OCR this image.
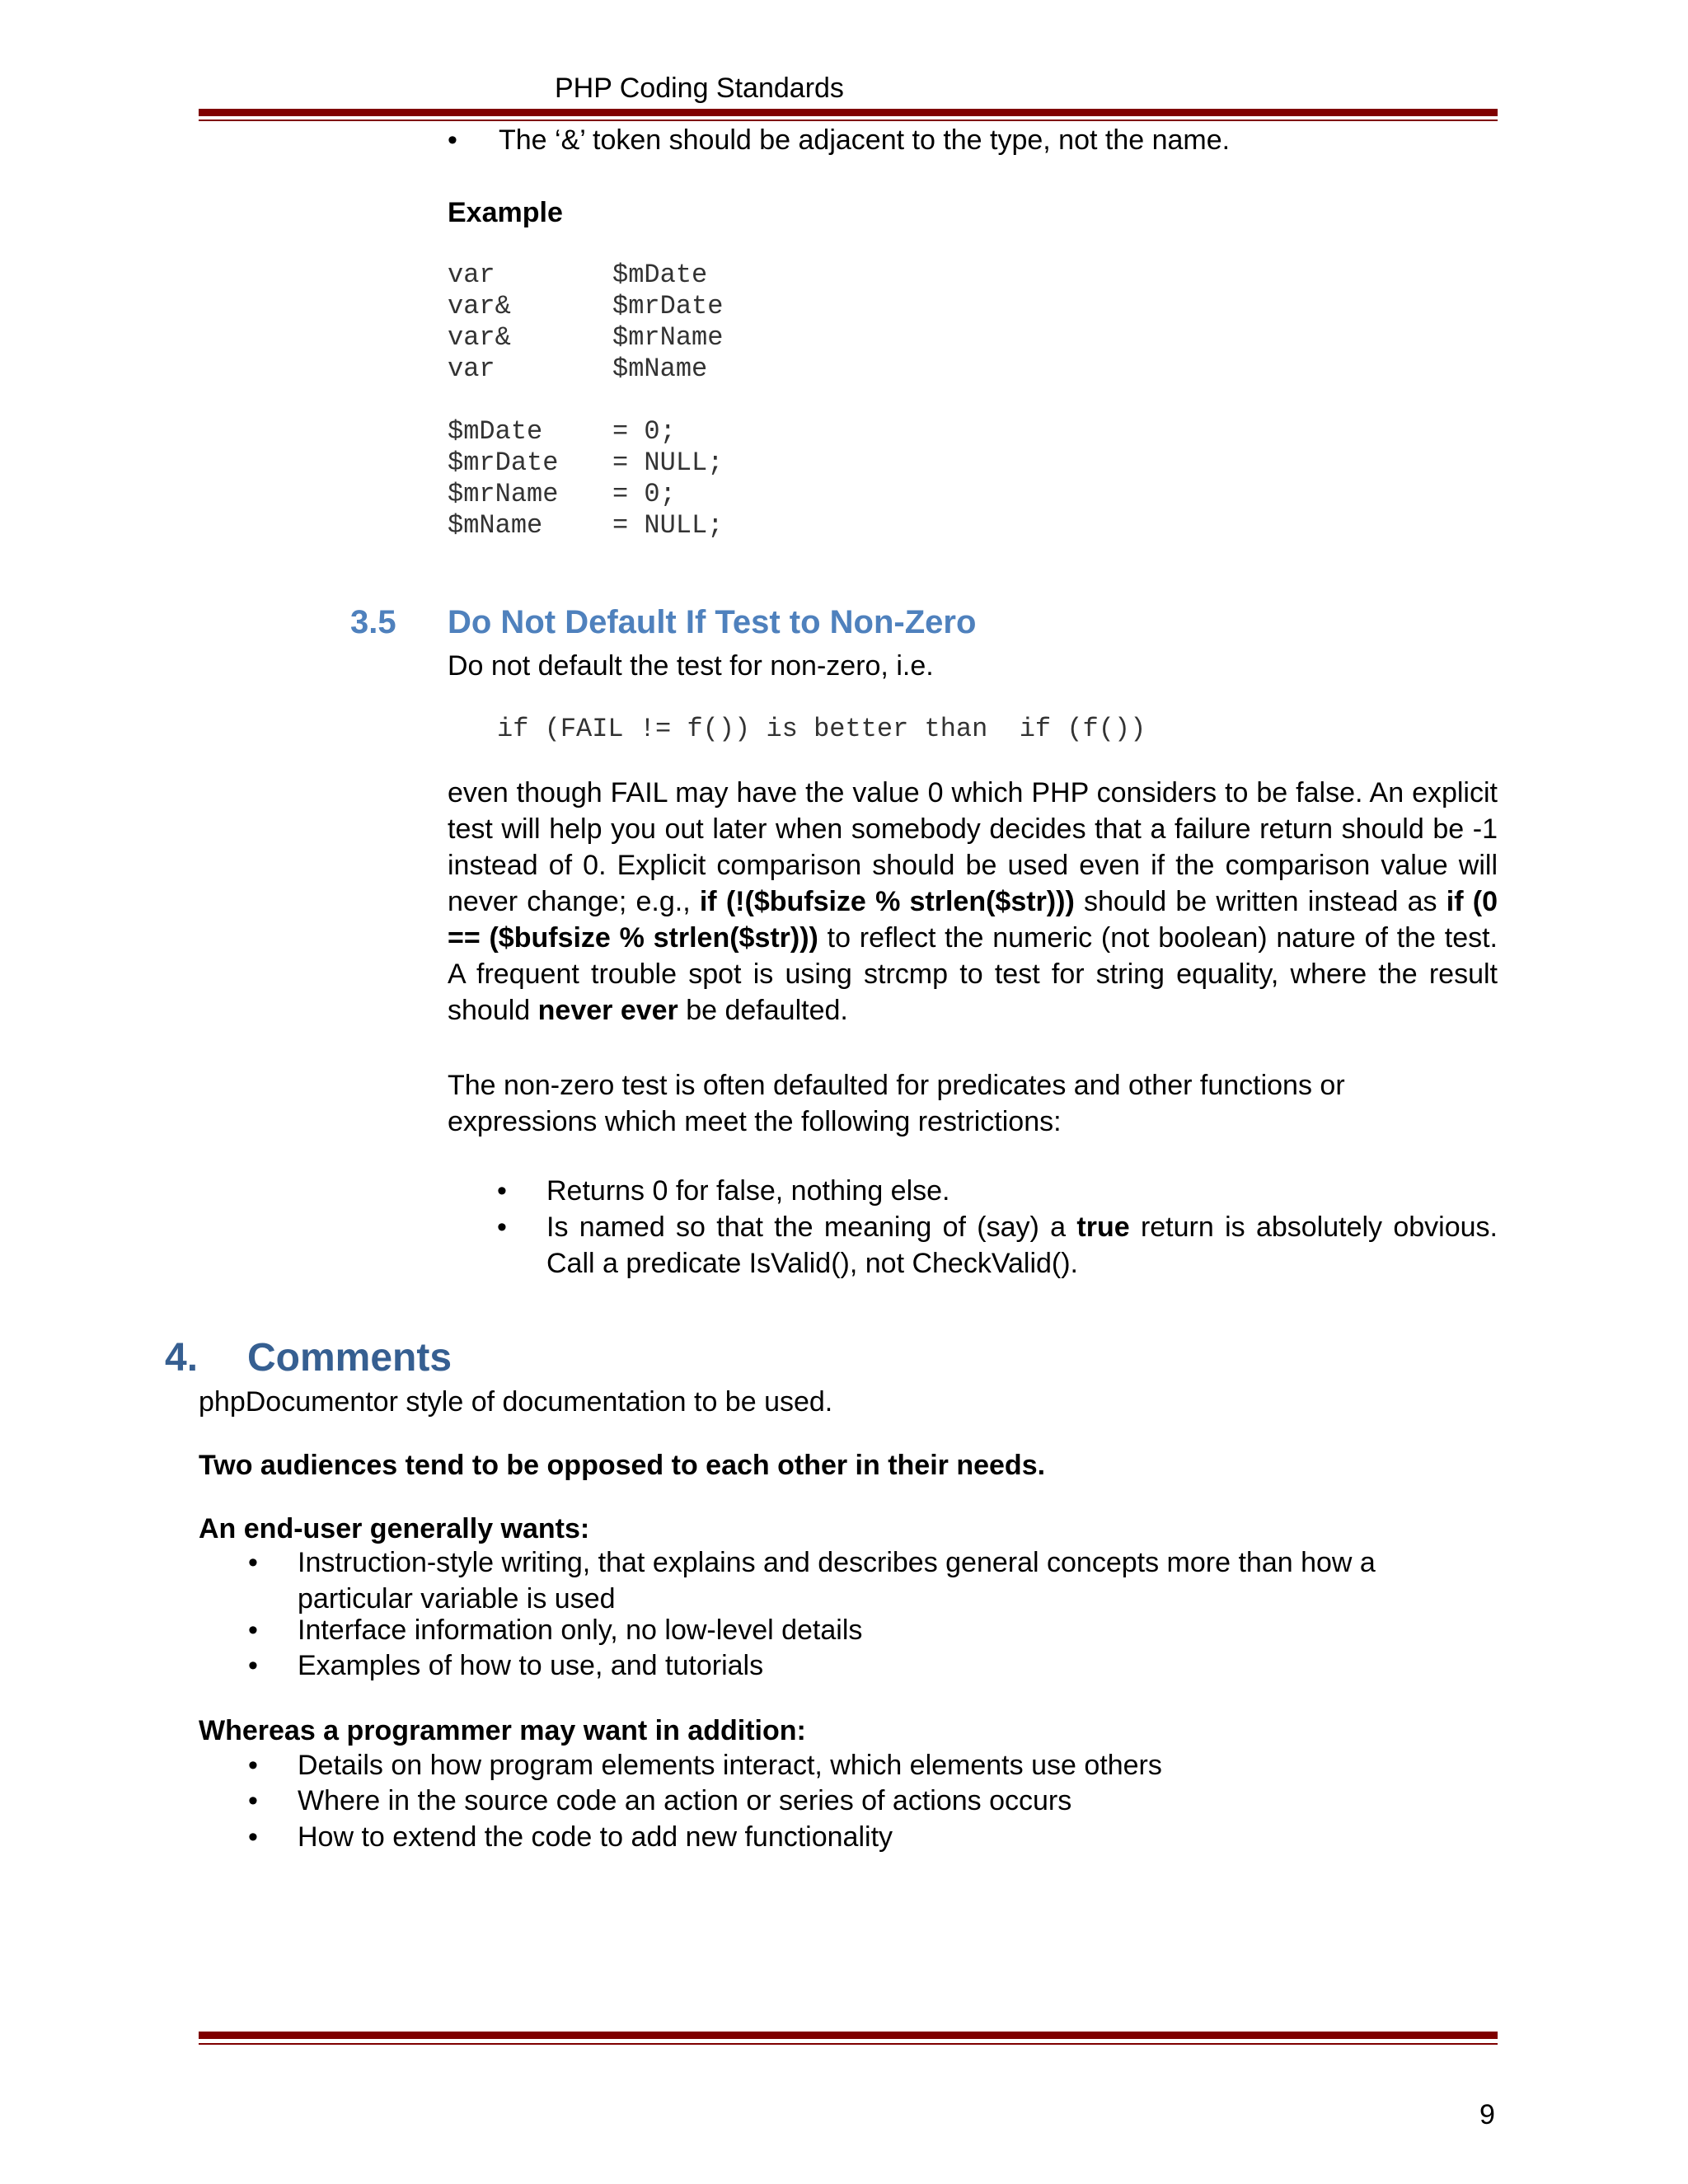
PHP Coding Standards
• The ‘&’ token should be adjacent to the type, not the name.
Example
var	$mDate
var&	$mrDate
var&	$mrName
var	$mName
$mDate	= 0;
$mrDate = NULL;
$mrName = 0;
$mName	= NULL;
3.5 Do Not Default If Test to Non-Zero
Do not default the test for non-zero, i.e.
if (FAIL != f()) is better than  if (f())
even though FAIL may have the value 0 which PHP considers to be false. An explicit test will help you out later when somebody decides that a failure return should be -1 instead of 0. Explicit comparison should be used even if the comparison value will never change; e.g., if (!($bufsize % strlen($str))) should be written instead as if (0 == ($bufsize % strlen($str))) to reflect the numeric (not boolean) nature of the test. A frequent trouble spot is using strcmp to test for string equality, where the result should never ever be defaulted.
The non-zero test is often defaulted for predicates and other functions or expressions which meet the following restrictions:
• Returns 0 for false, nothing else.
• Is named so that the meaning of (say) a true return is absolutely obvious. Call a predicate IsValid(), not CheckValid().
4. Comments
phpDocumentor style of documentation to be used.
Two audiences tend to be opposed to each other in their needs.
An end-user generally wants:
• Instruction-style writing, that explains and describes general concepts more than how a particular variable is used
• Interface information only, no low-level details
• Examples of how to use, and tutorials
Whereas a programmer may want in addition:
• Details on how program elements interact, which elements use others
• Where in the source code an action or series of actions occurs
• How to extend the code to add new functionality
9
